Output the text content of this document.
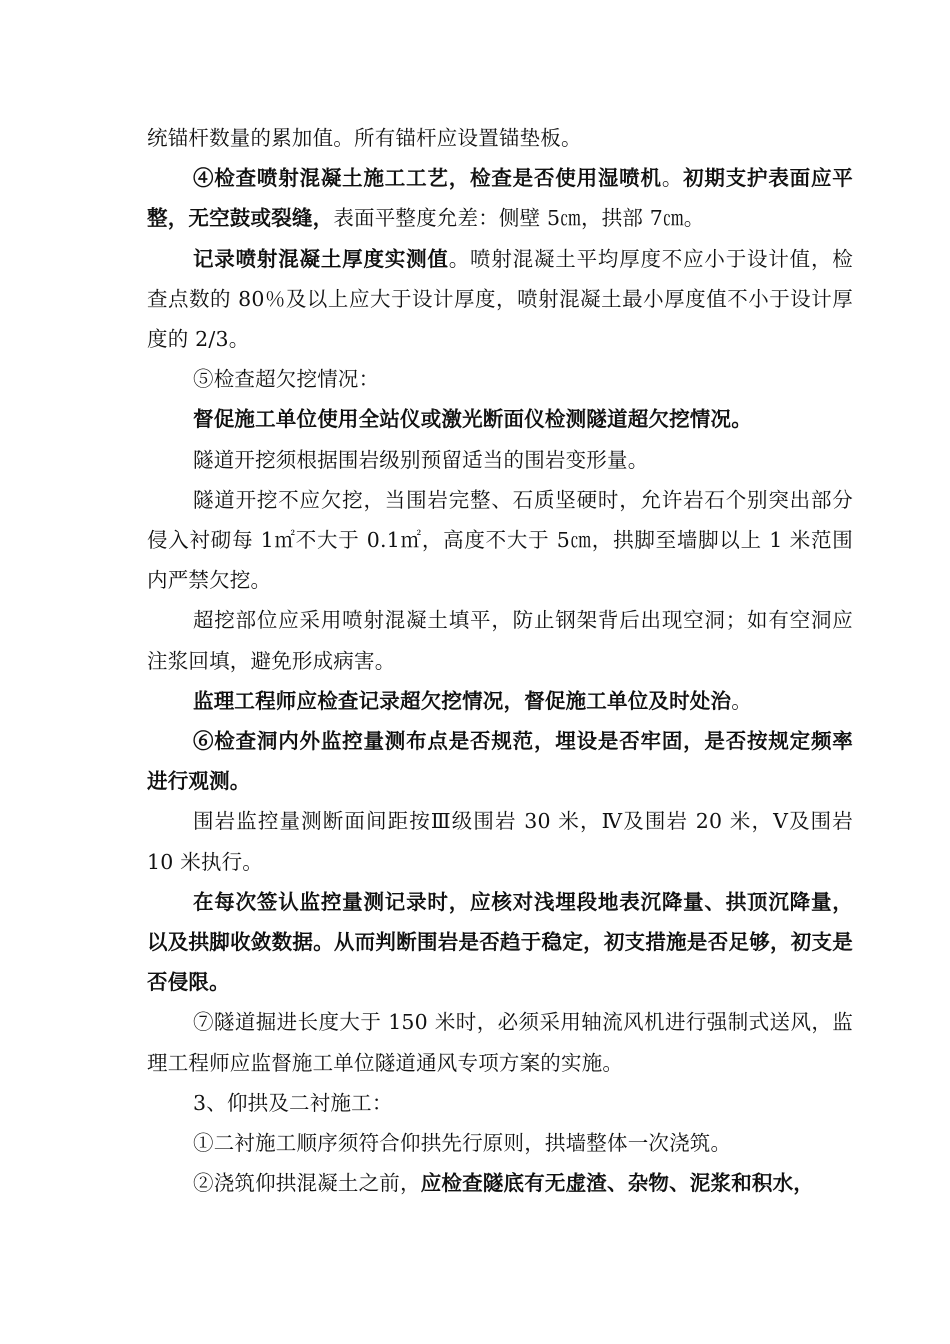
统锚杆数量的累加值。所有锚杆应设置锚垫板。

④检查喷射混凝土施工工艺，检查是否使用湿喷机。初期支护表面应平整，无空鼓或裂缝，表面平整度允差：侧壁 5㎝，拱部 7㎝。

记录喷射混凝土厚度实测值。喷射混凝土平均厚度不应小于设计值，检查点数的 80％及以上应大于设计厚度，喷射混凝土最小厚度值不小于设计厚度的 2/3。

⑤检查超欠挖情况：

督促施工单位使用全站仪或激光断面仪检测隧道超欠挖情况。

隧道开挖须根据围岩级别预留适当的围岩变形量。

隧道开挖不应欠挖，当围岩完整、石质坚硬时，允许岩石个别突出部分侵入衬砌每 1㎡不大于 0.1㎡，高度不大于 5㎝，拱脚至墙脚以上 1 米范围内严禁欠挖。

超挖部位应采用喷射混凝土填平，防止钢架背后出现空洞；如有空洞应注浆回填，避免形成病害。

监理工程师应检查记录超欠挖情况，督促施工单位及时处治。

⑥检查洞内外监控量测布点是否规范，埋设是否牢固，是否按规定频率进行观测。

围岩监控量测断面间距按Ⅲ级围岩 30 米，Ⅳ及围岩 20 米，Ⅴ及围岩 10 米执行。

在每次签认监控量测记录时，应核对浅埋段地表沉降量、拱顶沉降量，以及拱脚收敛数据。从而判断围岩是否趋于稳定，初支措施是否足够，初支是否侵限。

⑦隧道掘进长度大于 150 米时，必须采用轴流风机进行强制式送风，监理工程师应监督施工单位隧道通风专项方案的实施。

3、仰拱及二衬施工：

①二衬施工顺序须符合仰拱先行原则，拱墙整体一次浇筑。

②浇筑仰拱混凝土之前，应检查隧底有无虚渣、杂物、泥浆和积水，
